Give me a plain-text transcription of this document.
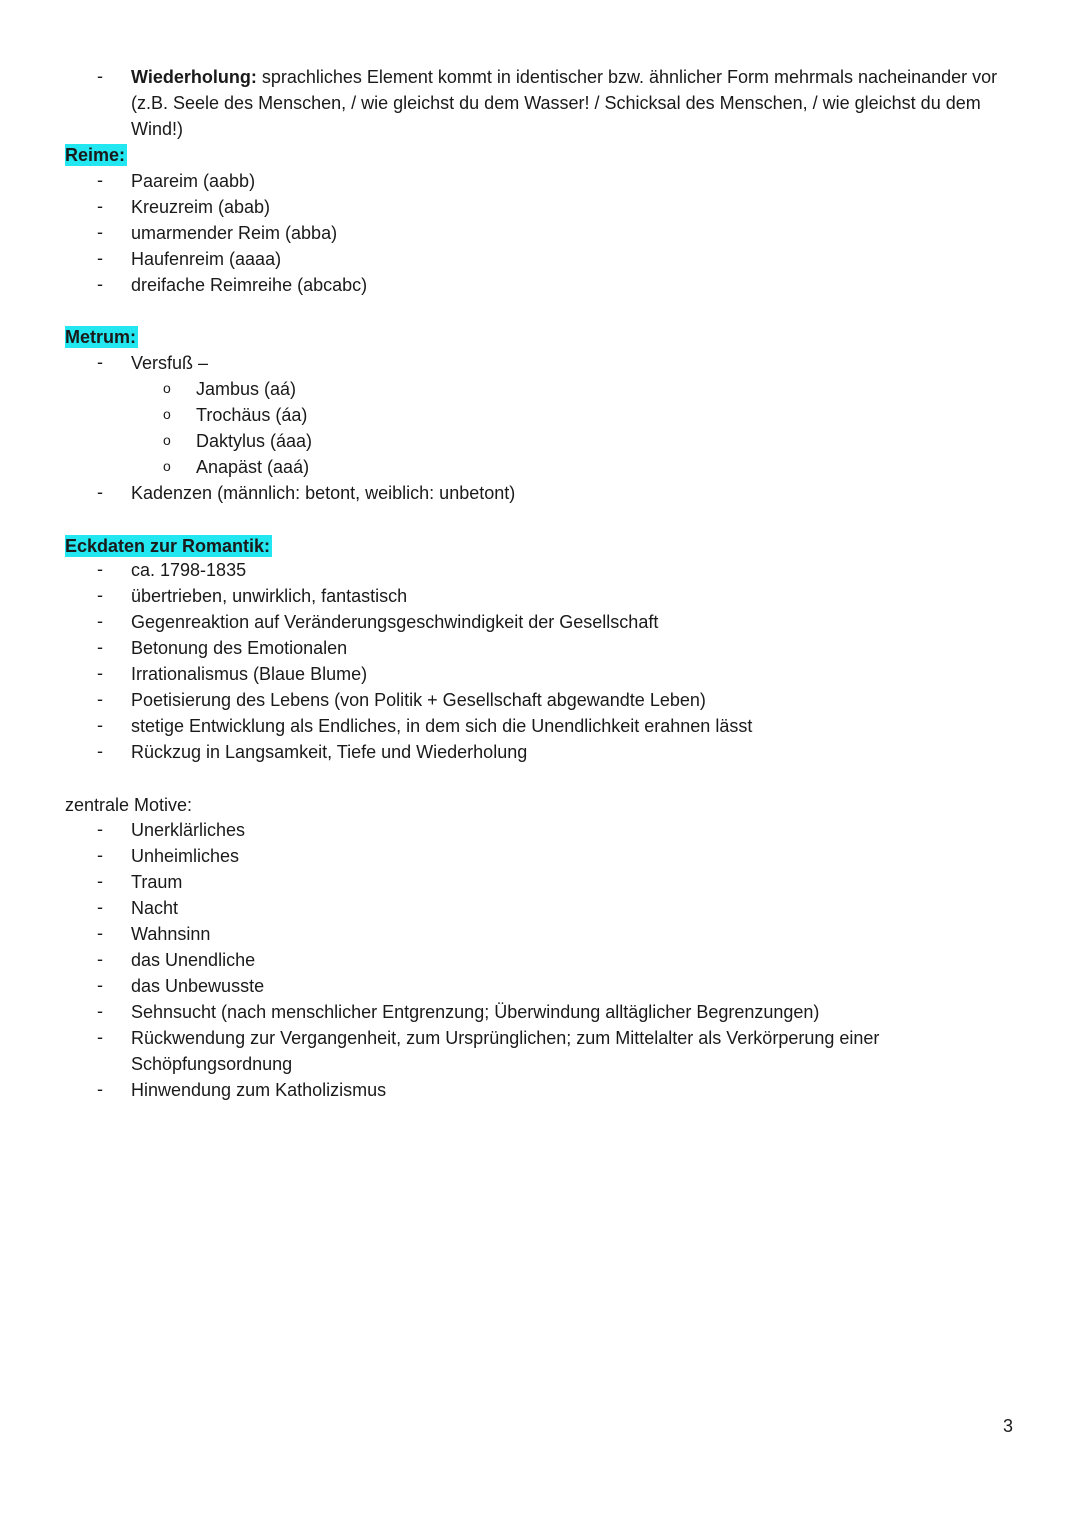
-	Wiederholung: sprachliches Element kommt in identischer bzw. ähnlicher Form mehrmals nacheinander vor
(z.B. Seele des Menschen, / wie gleichst du dem Wasser! / Schicksal des Menschen, / wie gleichst du dem
Wind!)
Reime:
-	Paareim (aabb)
-	Kreuzreim (abab)
-	umarmender Reim (abba)
-	Haufenreim (aaaa)
-	dreifache Reimreihe (abcabc)
Metrum:
-	Versfuß –
o Jambus (aá)
o Trochäus (áa)
o Daktylus (áaa)
o Anapäst (aaá)
-	Kadenzen (männlich: betont, weiblich: unbetont)
Eckdaten zur Romantik:
-	ca. 1798-1835
-	übertrieben, unwirklich, fantastisch
-	Gegenreaktion auf Veränderungsgeschwindigkeit der Gesellschaft
-	Betonung des Emotionalen
-	Irrationalismus (Blaue Blume)
-	Poetisierung des Lebens (von Politik + Gesellschaft abgewandte Leben)
-	stetige Entwicklung als Endliches, in dem sich die Unendlichkeit erahnen lässt
-	Rückzug in Langsamkeit, Tiefe und Wiederholung
zentrale Motive:
-	Unerklärliches
-	Unheimliches
-	Traum
-	Nacht
-	Wahnsinn
-	das Unendliche
-	das Unbewusste
-	Sehnsucht (nach menschlicher Entgrenzung; Überwindung alltäglicher Begrenzungen)
-	Rückwendung zur Vergangenheit, zum Ursprünglichen; zum Mittelalter als Verkörperung einer
Schöpfungsordnung
-	Hinwendung zum Katholizismus
3
